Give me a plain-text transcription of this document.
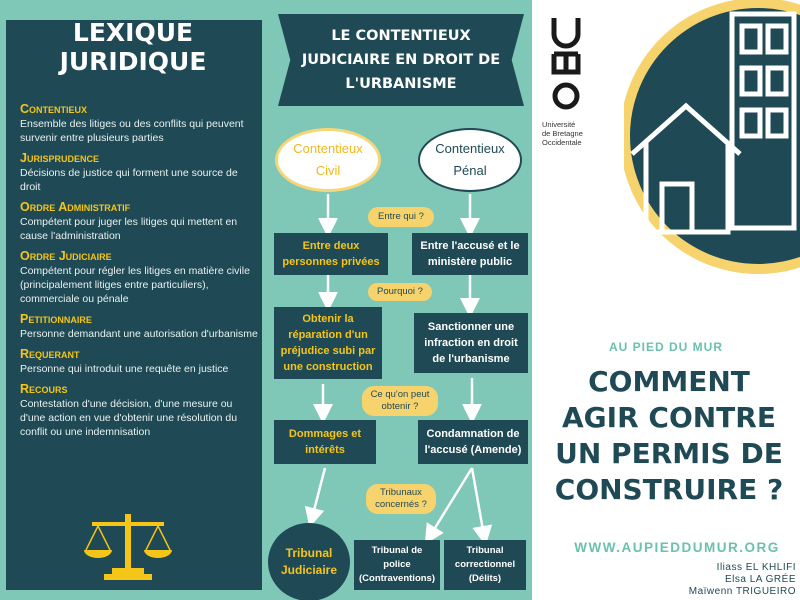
LEXIQUE
JURIDIQUE
Contentieux
Ensemble des litiges ou des conflits qui peuvent survenir entre plusieurs parties
Jurisprudence
Décisions de justice qui forment une source de droit
Ordre Administratif
Compétent pour juger les litiges qui mettent en cause l'administration
Ordre Judiciaire
Compétent pour régler les litiges en matière civile (principalement litiges entre particuliers), commerciale ou pénale
Petitionnaire
Personne demandant une autorisation d'urbanisme
Requerant
Personne qui introduit une requête en justice
Recours
Contestation d'une décision, d'une mesure ou d'une action en vue d'obtenir une résolution du conflit ou une indemnisation
LE CONTENTIEUX
JUDICIAIRE EN DROIT DE
L'URBANISME
Contentieux
Civil
Contentieux
Pénal
Entre qui ?
Entre deux personnes privées
Entre l'accusé et le ministère public
Pourquoi ?
Obtenir la réparation d'un préjudice subi par une construction
Sanctionner une infraction en droit de l'urbanisme
Ce qu'on peut
obtenir ?
Dommages et intérêts
Condamnation de l'accusé (Amende)
Tribunaux
concernés ?
Tribunal
Judiciaire
Tribunal de police (Contraventions)
Tribunal
correctionnel
(Délits)
Université
de Bretagne
Occidentale
AU PIED DU MUR
COMMENT
AGIR CONTRE
UN PERMIS DE
CONSTRUIRE ?
WWW.AUPIEDDUMUR.ORG
Iliass EL KHLIFI
Elsa LA GRÉE
Maïwenn TRIGUEIRO
